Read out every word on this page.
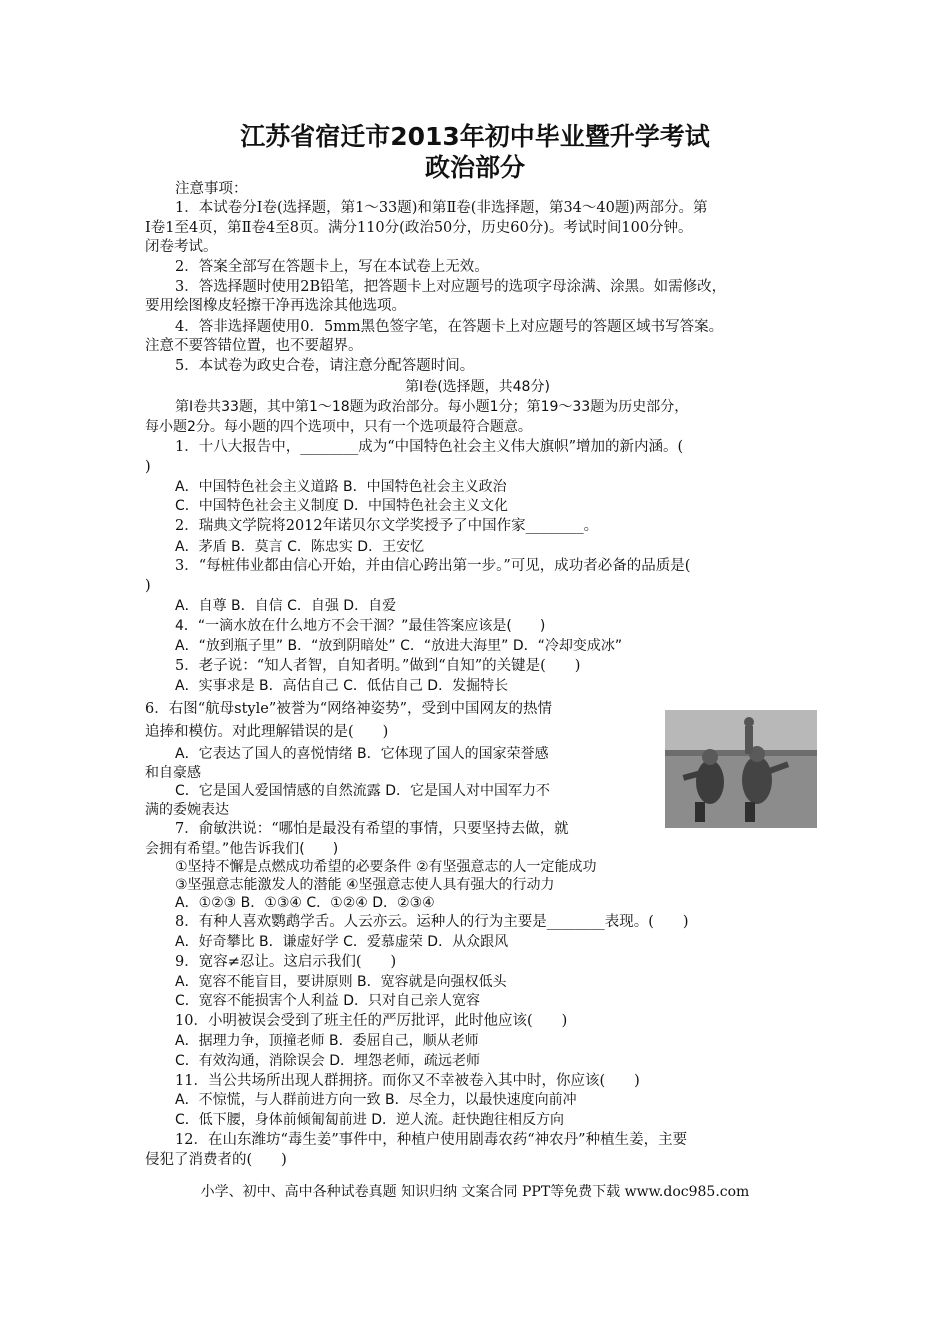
江苏省宿迁市2013年初中毕业暨升学考试
政治部分
注意事项：
1．本试卷分Ⅰ卷(选择题，第1～33题)和第Ⅱ卷(非选择题，第34～40题)两部分。第
Ⅰ卷1至4页，第Ⅱ卷4至8页。满分110分(政治50分，历史60分)。考试时间100分钟。
闭卷考试。
2．答案全部写在答题卡上，写在本试卷上无效。
3．答选择题时使用2B铅笔，把答题卡上对应题号的选项字母涂满、涂黑。如需修改，
要用绘图橡皮轻擦干净再选涂其他选项。
4．答非选择题使用0．5mm黑色签字笔，在答题卡上对应题号的答题区域书写答案。
注意不要答错位置，也不要超界。
5．本试卷为政史合卷，请注意分配答题时间。
第Ⅰ卷(选择题，共48分)
第Ⅰ卷共33题，其中第1～18题为政治部分。每小题1分；第19～33题为历史部分，
每小题2分。每小题的四个选项中，只有一个选项最符合题意。
1．十八大报告中，________成为“中国特色社会主义伟大旗帜”增加的新内涵。(
)
A．中国特色社会主义道路 B．中国特色社会主义政治
C．中国特色社会主义制度 D．中国特色社会主义文化
2．瑞典文学院将2012年诺贝尔文学奖授予了中国作家________。
A．茅盾 B．莫言 C．陈忠实 D．王安忆
3．“每桩伟业都由信心开始，并由信心跨出第一步。”可见，成功者必备的品质是(
)
A．自尊 B．自信 C．自强 D．自爱
4．“一滴水放在什么地方不会干涸？”最佳答案应该是(　　)
A．“放到瓶子里” B．“放到阴暗处” C．“放进大海里” D．“冷却变成冰”
5．老子说：“知人者智，自知者明。”做到“自知”的关键是(　　)
A．实事求是 B．高估自己 C．低估自己 D．发掘特长
6．右图“航母style”被誉为“网络神姿势”，受到中国网友的热情
追捧和模仿。对此理解错误的是(　　)
A．它表达了国人的喜悦情绪 B．它体现了国人的国家荣誉感
和自豪感
C．它是国人爱国情感的自然流露 D．它是国人对中国军力不
满的委婉表达
7．俞敏洪说：“哪怕是最没有希望的事情，只要坚持去做，就
会拥有希望。”他告诉我们(　　)
①坚持不懈是点燃成功希望的必要条件 ②有坚强意志的人一定能成功
③坚强意志能激发人的潜能 ④坚强意志使人具有强大的行动力
A．①②③ B．①③④ C．①②④ D．②③④
8．有种人喜欢鹦鹉学舌。人云亦云。运种人的行为主要是________表现。(　　)
A．好奇攀比 B．谦虚好学 C．爱慕虚荣 D．从众跟风
9．宽容≠忍让。这启示我们(　　)
A．宽容不能盲目，要讲原则 B．宽容就是向强权低头
C．宽容不能损害个人利益 D．只对自己亲人宽容
10．小明被误会受到了班主任的严厉批评，此时他应该(　　)
A．据理力争，顶撞老师 B．委屈自己，顺从老师
C．有效沟通，消除误会 D．埋怨老师，疏远老师
11．当公共场所出现人群拥挤。而你又不幸被卷入其中时，你应该(　　)
A．不惊慌，与人群前进方向一致 B．尽全力，以最快速度向前冲
C．低下腰，身体前倾匍匐前进 D．逆人流。赶快跑往相反方向
12．在山东潍坊“毒生姜”事件中，种植户使用剧毒农药“神农丹”种植生姜，主要
侵犯了消费者的(　　)
小学、初中、高中各种试卷真题 知识归纳 文案合同 PPT等免费下载 www.doc985.com
